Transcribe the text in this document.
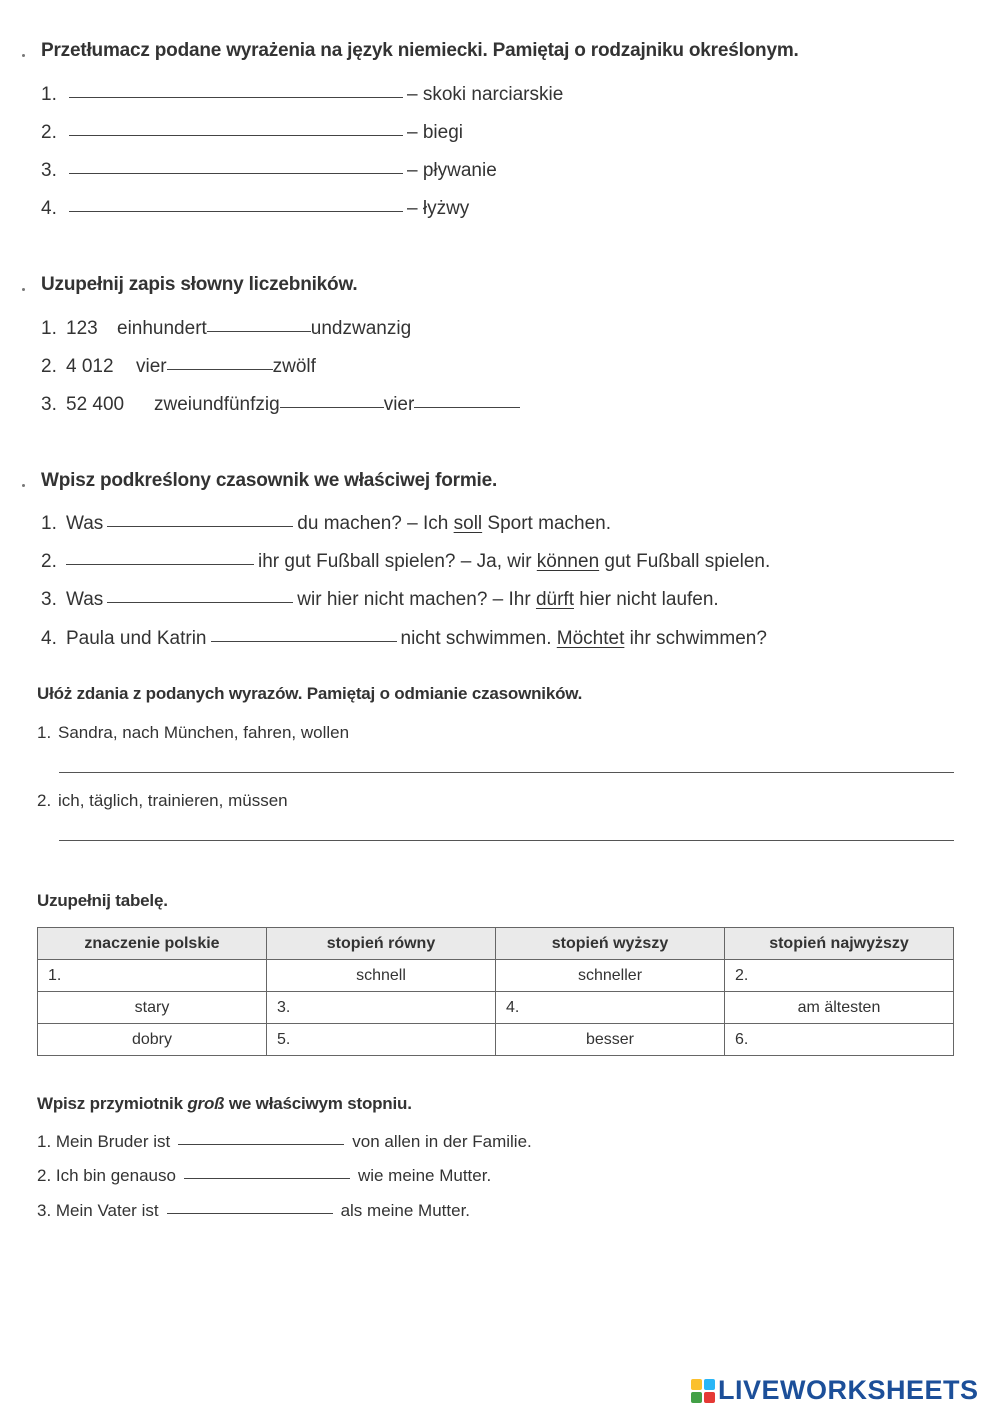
Przetłumacz podane wyrażenia na język niemiecki. Pamiętaj o rodzajniku określonym.
1.	– skoki narciarskie
2.	– biegi
3.	– pływanie
4.	– łyżwy
Uzupełnij zapis słowny liczebników.
1. 123	einhundert	undzwanzig
2. 4 012	vier	zwölf
3. 52 400	zweiundfünfzig	vier
Wpisz podkreślony czasownik we właściwej formie.
1. Was	du machen? – Ich
soll
Sport machen.
2.	ihr gut Fußball spielen? – Ja, wir
können
gut Fußball spielen.
3. Was	wir hier nicht machen? – Ihr
dürft
hier nicht laufen.
4. Paula und Katrin	nicht schwimmen.
Möchtet
ihr schwimmen?
Ułóż zdania z podanych wyrazów. Pamiętaj o odmianie czasowników.
1. Sandra, nach München, fahren, wollen
2. ich, täglich, trainieren, müssen
Uzupełnij tabelę.
znaczenie polskie	stopień równy	stopień wyższy	stopień najwyższy
1.	schnell	schneller	2.
stary	3.	4.	am ältesten
dobry	5.	besser	6.
Wpisz przymiotnik groß we właściwym stopniu.
1. Mein Bruder ist	von allen in der Familie.
2. Ich bin genauso	wie meine Mutter.
3. Mein Vater ist	als meine Mutter.
LIVEWORKSHEETS
